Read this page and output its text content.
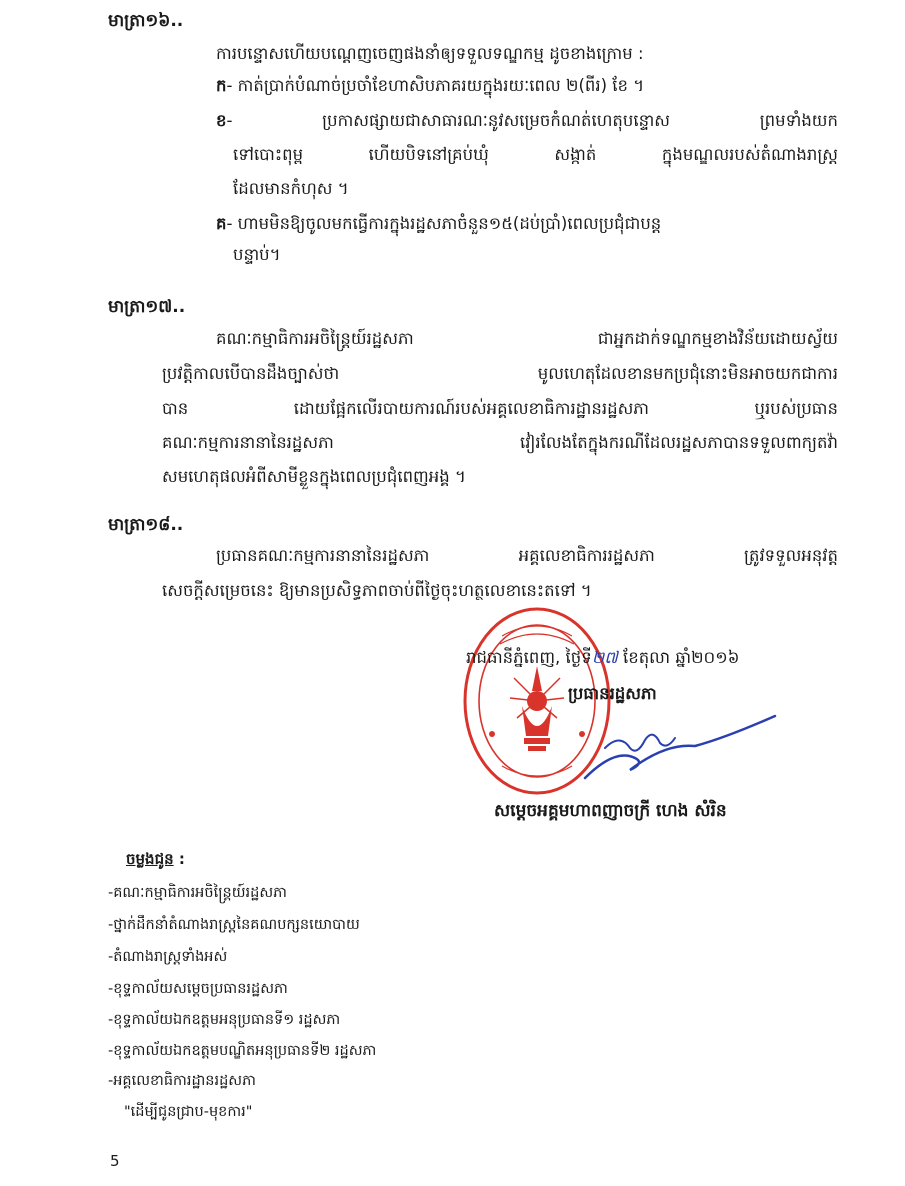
មាត្រា១៦..
ការបន្ទោសហើយបណ្តេញចេញផងនាំឲ្យទទួលទណ្ឌកម្ម ដូចខាងក្រោម :
ក- កាត់ប្រាក់បំណាច់ប្រចាំខែហាសិបភាគរយក្នុងរយៈពេល ២(ពីរ) ខែ ។
ខ- ប្រកាសផ្សាយជាសាធារណៈនូវសម្រេចកំណត់ហេតុបន្ទោស ព្រមទាំងយក
ទៅបោះពុម្ព ហើយបិទនៅគ្រប់ឃុំ សង្កាត់ ក្នុងមណ្ឌលរបស់តំណាងរាស្ត្រ
ដែលមានកំហុស ។
គ- ហាមមិនឱ្យចូលមកធ្វើការក្នុងរដ្ឋសភាចំនួន១៥(ដប់ប្រាំ)ពេលប្រជុំជាបន្ត
បន្ទាប់។
មាត្រា១៧..
គណៈកម្មាធិការអចិន្ត្រៃយ៍រដ្ឋសភា ជាអ្នកដាក់ទណ្ឌកម្មខាងវិន័យដោយស្វ័យ
ប្រវត្តិកាលបើបានដឹងច្បាស់ថា មូលហេតុដែលខានមកប្រជុំនោះមិនអាចយកជាការ
បាន ដោយផ្អែកលើរបាយការណ៍របស់អគ្គលេខាធិការដ្ឋានរដ្ឋសភា ឬរបស់ប្រធាន
គណៈកម្មការនានានៃរដ្ឋសភា វៀរលែងតែក្នុងករណីដែលរដ្ឋសភាបានទទួលពាក្យតវ៉ា
សមហេតុផលអំពីសាមីខ្លួនក្នុងពេលប្រជុំពេញអង្គ ។
មាត្រា១៨..
ប្រធានគណៈកម្មការនានានៃរដ្ឋសភា អគ្គលេខាធិការរដ្ឋសភា ត្រូវទទួលអនុវត្ត
សេចក្តីសម្រេចនេះ ឱ្យមានប្រសិទ្ធភាពចាប់ពីថ្ងៃចុះហត្ថលេខានេះតទៅ ។
រាជធានីភ្នំពេញ, ថ្ងៃទី២៧ ខែតុលា ឆ្នាំ២០១៦
ប្រធានរដ្ឋសភា
សម្តេចអគ្គមហាពញាចក្រី ហេង សំរិន
ចម្លងជូន :
-គណៈកម្មាធិការអចិន្ត្រៃយ៍រដ្ឋសភា
-ថ្នាក់ដឹកនាំតំណាងរាស្ត្រនៃគណបក្សនយោបាយ
-តំណាងរាស្ត្រទាំងអស់
-ខុទ្ទកាល័យសម្តេចប្រធានរដ្ឋសភា
-ខុទ្ទកាល័យឯកឧត្តមអនុប្រធានទី១ រដ្ឋសភា
-ខុទ្ទកាល័យឯកឧត្តមបណ្ឌិតអនុប្រធានទី២ រដ្ឋសភា
-អគ្គលេខាធិការដ្ឋានរដ្ឋសភា
"ដើម្បីជូនជ្រាប-មុខការ"
5
